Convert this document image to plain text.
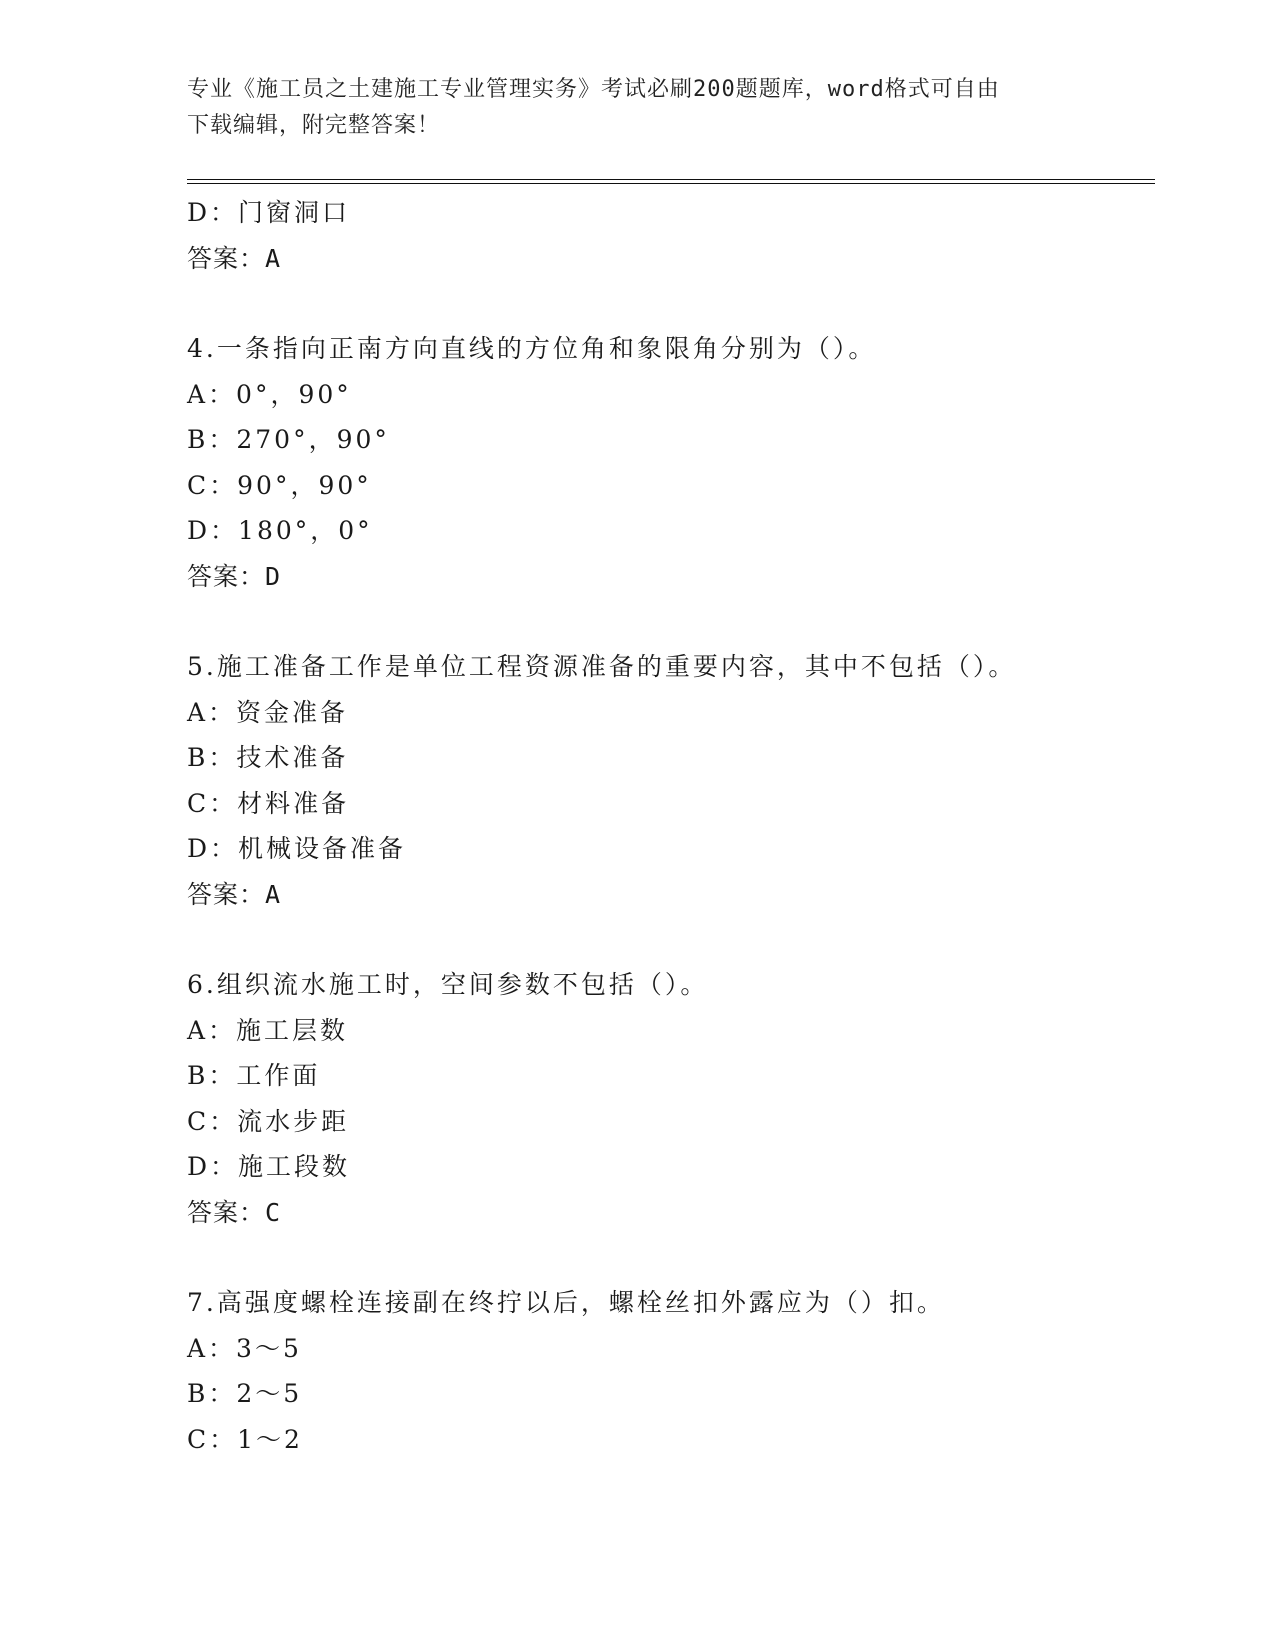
专业《施工员之土建施工专业管理实务》考试必刷200题题库，word格式可自由
下载编辑，附完整答案！
D：门窗洞口
答案：A
4.一条指向正南方向直线的方位角和象限角分别为（）。
A：0°，90°
B：270°，90°
C：90°，90°
D：180°，0°
答案：D
5.施工准备工作是单位工程资源准备的重要内容，其中不包括（）。
A：资金准备
B：技术准备
C：材料准备
D：机械设备准备
答案：A
6.组织流水施工时，空间参数不包括（）。
A：施工层数
B：工作面
C：流水步距
D：施工段数
答案：C
7.高强度螺栓连接副在终拧以后，螺栓丝扣外露应为（）扣。
A：3～5
B：2～5
C：1～2
